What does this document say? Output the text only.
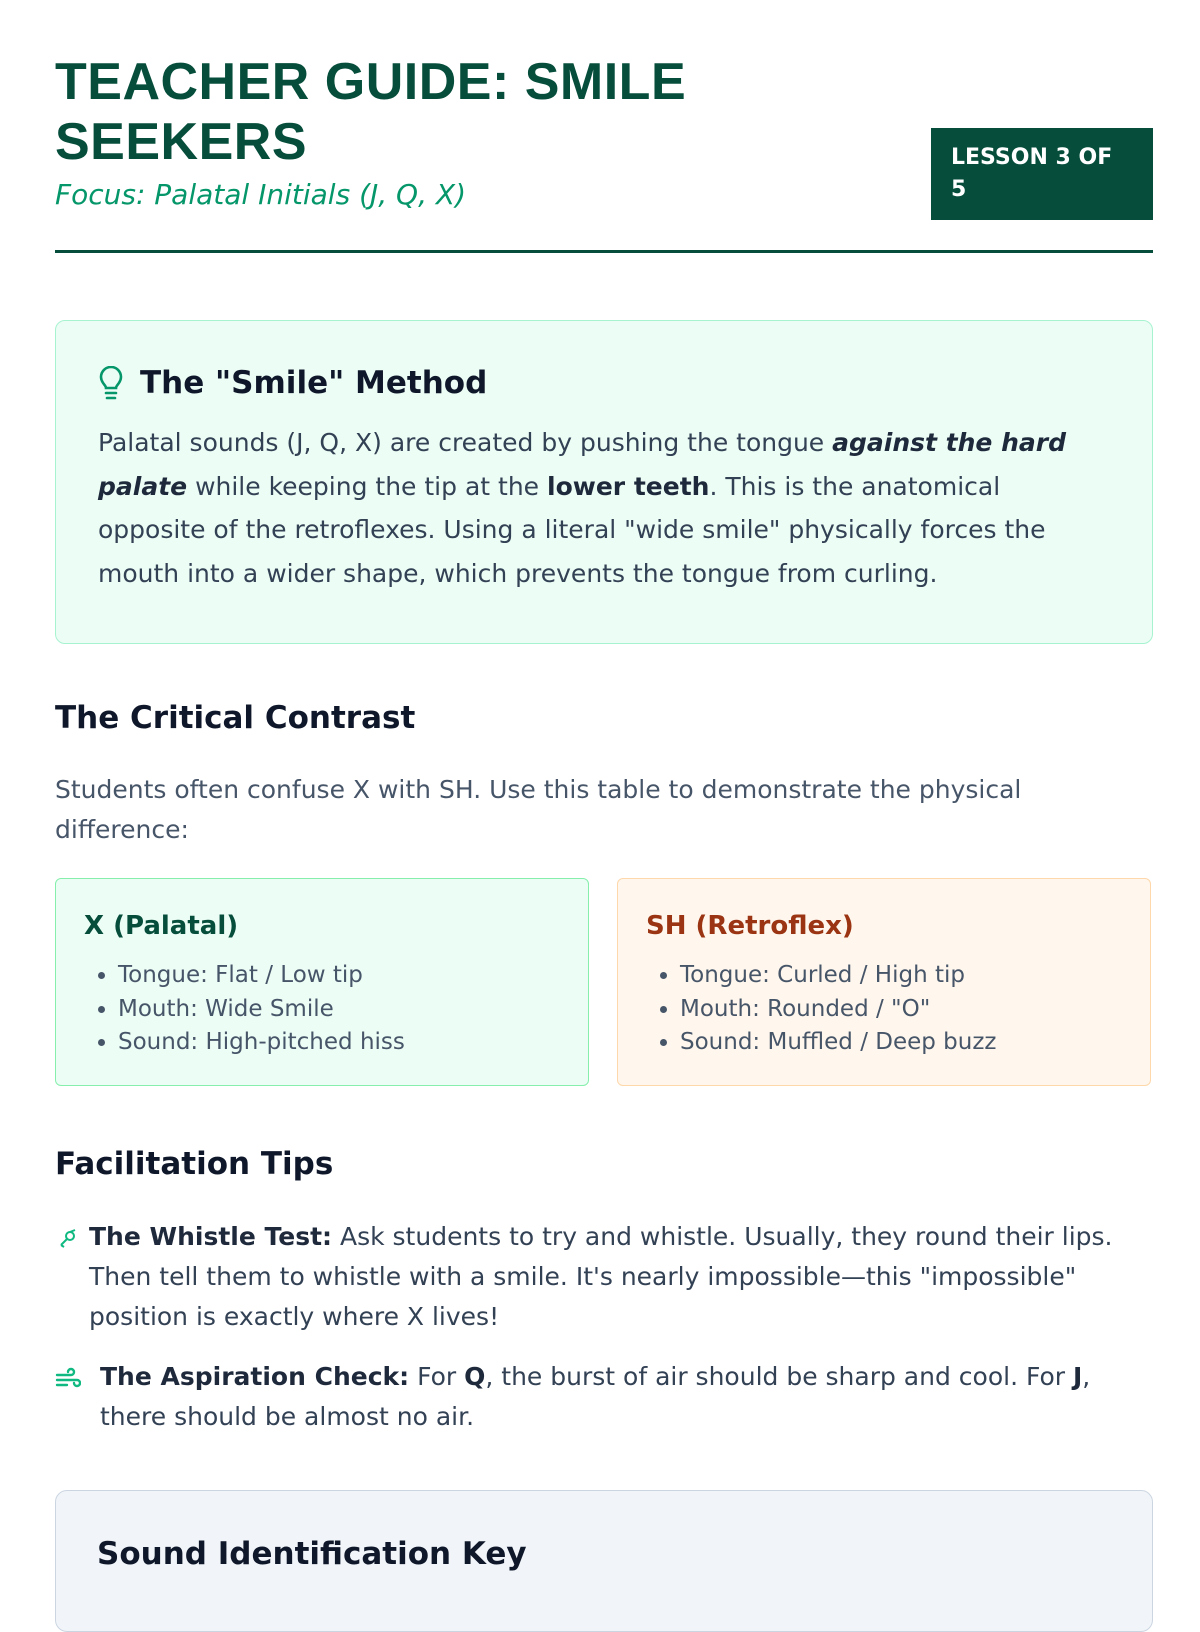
TEACHER GUIDE: SMILE SEEKERS
Focus: Palatal Initials (J, Q, X)
LESSON 3 OF 5
The "Smile" Method

Palatal sounds (J, Q, X) are created by pushing the tongue against the hard palate while keeping the tip at the lower teeth. This is the anatomical opposite of the retroflexes. Using a literal "wide smile" physically forces the mouth into a wider shape, which prevents the tongue from curling.

The Critical Contrast

Students often confuse X with SH. Use this table to demonstrate the physical difference:

X (Palatal)
• Tongue: Flat / Low tip
• Mouth: Wide Smile
• Sound: High-pitched hiss
SH (Retroflex)
• Tongue: Curled / High tip
• Mouth: Rounded / "O"
• Sound: Muffled / Deep buzz
Facilitation Tips
The Whistle Test: Ask students to try and whistle. Usually, they round their lips. Then tell them to whistle with a smile. It's nearly impossible—this "impossible" position is exactly where X lives!
The Aspiration Check: For Q, the burst of air should be sharp and cool. For J, there should be almost no air.
Sound Identification Key
